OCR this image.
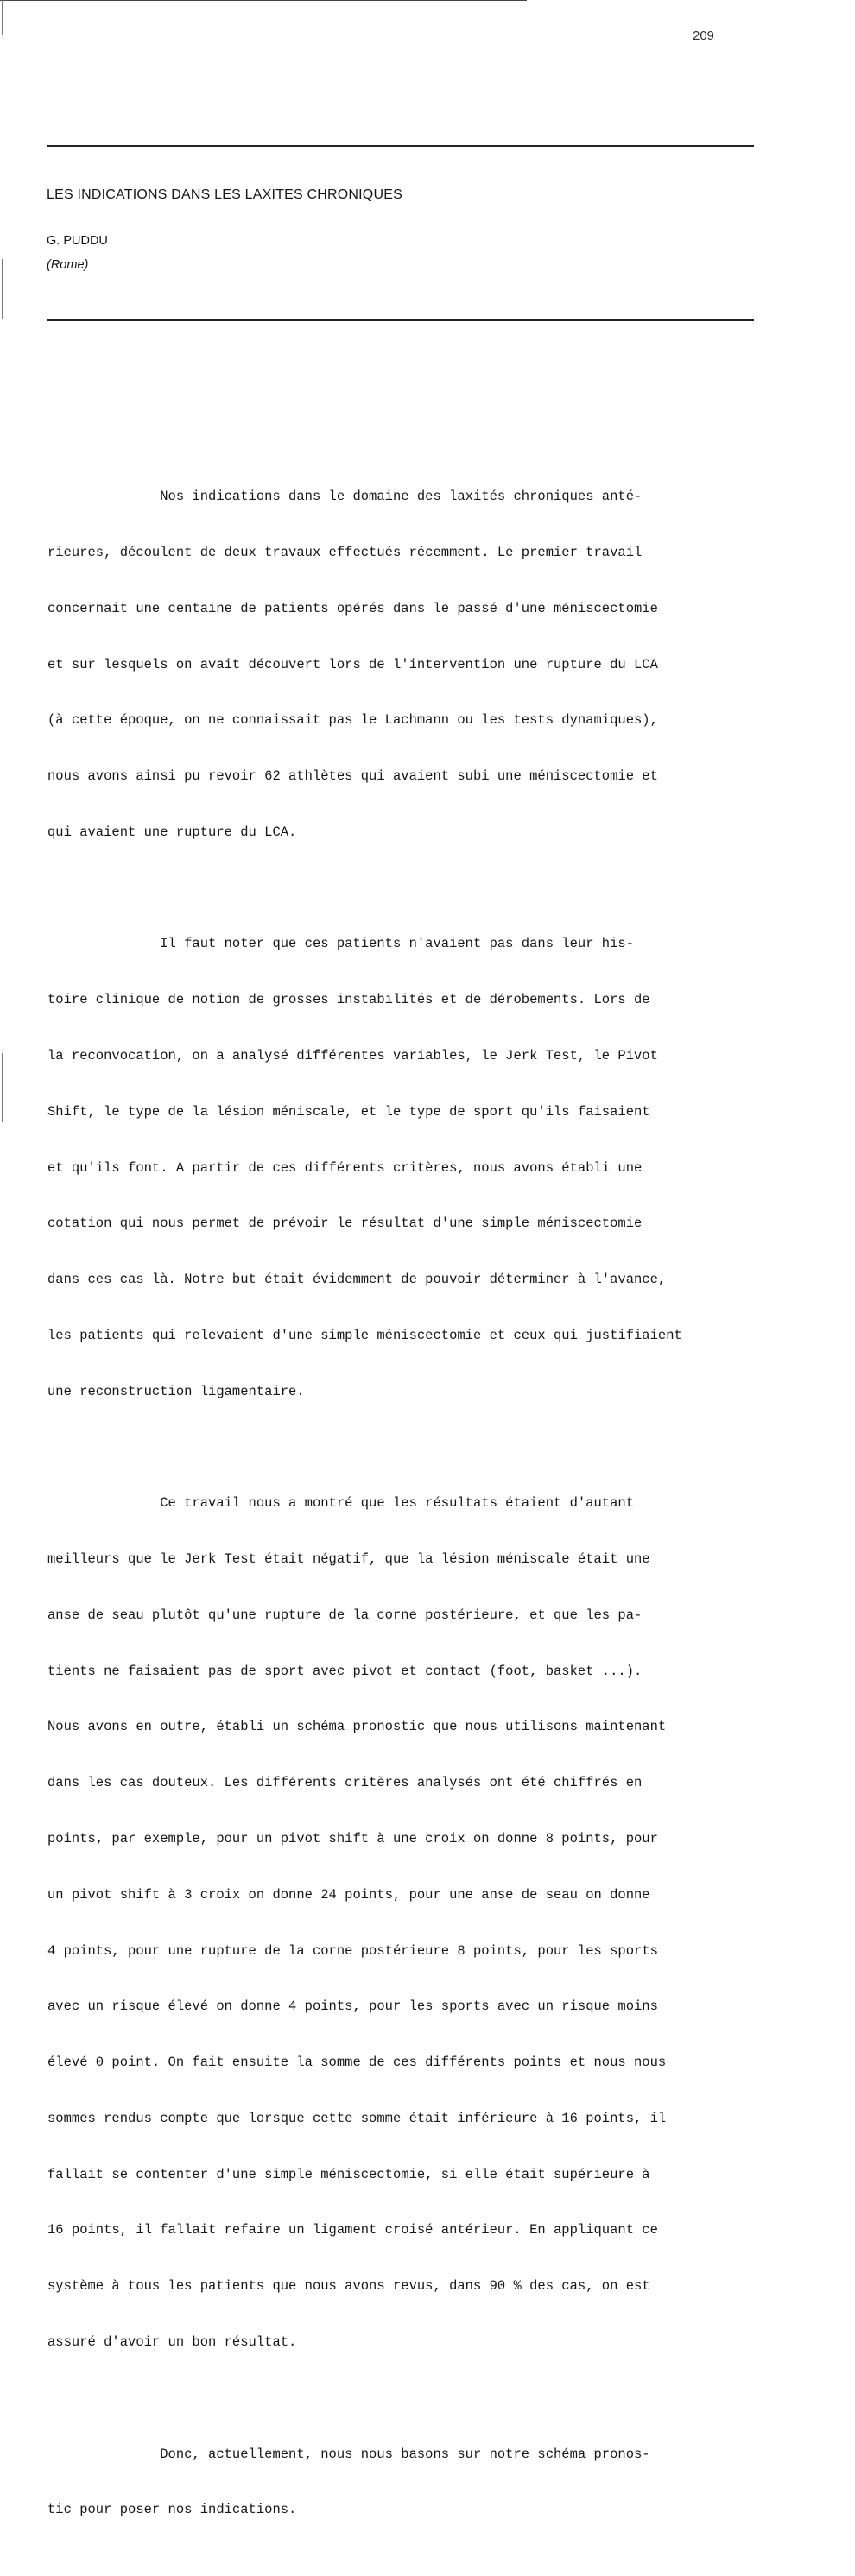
209
LES INDICATIONS DANS LES LAXITES CHRONIQUES
G. PUDDU
(Rome)

Nos indications dans le domaine des laxités chroniques anté-

rieures, découlent de deux travaux effectués récemment. Le premier travail

concernait une centaine de patients opérés dans le passé d'une méniscectomie

et sur lesquels on avait découvert lors de l'intervention une rupture du LCA

(à cette époque, on ne connaissait pas le Lachmann ou les tests dynamiques),

nous avons ainsi pu revoir 62 athlètes qui avaient subi une méniscectomie et

qui avaient une rupture du LCA.

Il faut noter que ces patients n'avaient pas dans leur his-

toire clinique de notion de grosses instabilités et de dérobements. Lors de

la reconvocation, on a analysé différentes variables, le Jerk Test, le Pivot

Shift, le type de la lésion méniscale, et le type de sport qu'ils faisaient

et qu'ils font. A partir de ces différents critères, nous avons établi une

cotation qui nous permet de prévoir le résultat d'une simple méniscectomie

dans ces cas là. Notre but était évidemment de pouvoir déterminer à l'avance,

les patients qui relevaient d'une simple méniscectomie et ceux qui justifiaient

une reconstruction ligamentaire.

Ce travail nous a montré que les résultats étaient d'autant

meilleurs que le Jerk Test était négatif, que la lésion méniscale était une

anse de seau plutôt qu'une rupture de la corne postérieure, et que les pa-

tients ne faisaient pas de sport avec pivot et contact (foot, basket ...).

Nous avons en outre, établi un schéma pronostic que nous utilisons maintenant

dans les cas douteux. Les différents critères analysés ont été chiffrés en

points, par exemple, pour un pivot shift à une croix on donne 8 points, pour

un pivot shift à 3 croix on donne 24 points, pour une anse de seau on donne

4 points, pour une rupture de la corne postérieure 8 points, pour les sports

avec un risque élevé on donne 4 points, pour les sports avec un risque moins

élevé 0 point. On fait ensuite la somme de ces différents points et nous nous

sommes rendus compte que lorsque cette somme était inférieure à 16 points, il

fallait se contenter d'une simple méniscectomie, si elle était supérieure à

16 points, il fallait refaire un ligament croisé antérieur. En appliquant ce

système à tous les patients que nous avons revus, dans 90 % des cas, on est

assuré d'avoir un bon résultat.

Donc, actuellement, nous nous basons sur notre schéma pronos-

tic pour poser nos indications.
